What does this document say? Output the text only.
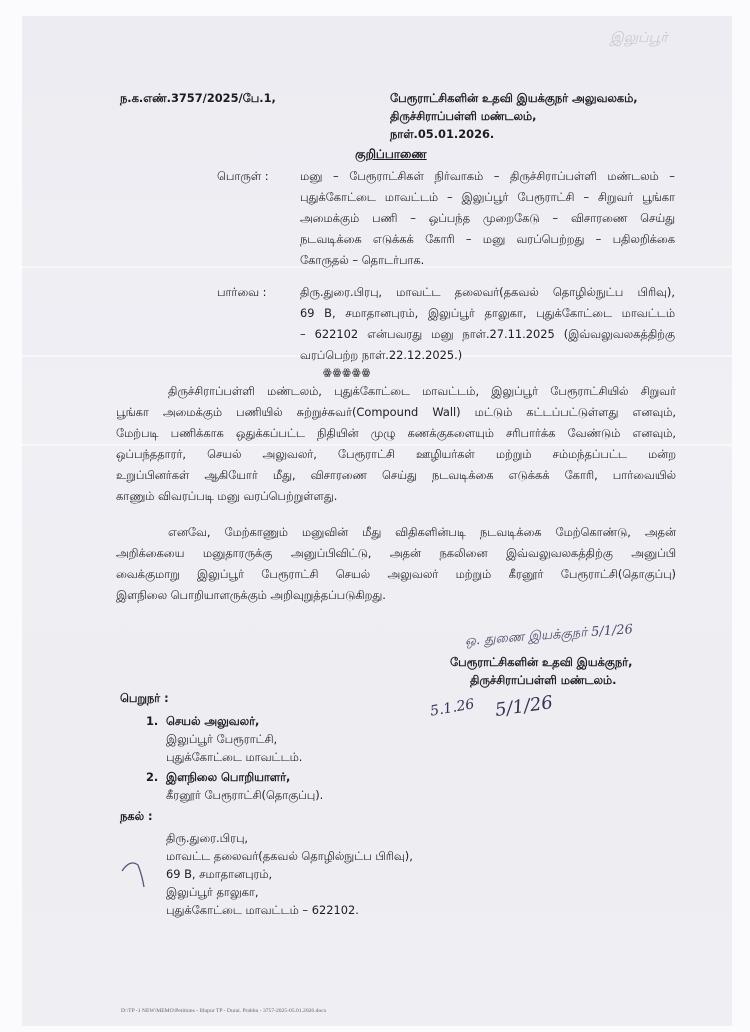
இலுப்பூர்
ந.க.எண்.3757/2025/பே.1,	பேரூராட்சிகளின் உதவி இயக்குநர் அலுவலகம்,
திருச்சிராப்பள்ளி மண்டலம்,
நாள்.05.01.2026.
குறிப்பாணை
பொருள் :	மனு – பேரூராட்சிகள் நிர்வாகம் – திருச்சிராப்பள்ளி மண்டலம் –
புதுக்கோட்டை மாவட்டம் – இலுப்பூர் பேரூராட்சி – சிறுவர் பூங்கா
அமைக்கும் பணி – ஒப்பந்த முறைகேடு – விசாரணை செய்து
நடவடிக்கை எடுக்கக் கோரி – மனு வரப்பெற்றது – பதிலறிக்கை
கோருதல் – தொடர்பாக.
பார்வை :	திரு.துரை.பிரபு, மாவட்ட தலைவர்(தகவல் தொழில்நுட்ப பிரிவு),
69 B, சமாதானபுரம், இலுப்பூர் தாலுகா, புதுக்கோட்டை மாவட்டம்
– 622102 என்பவரது மனு நாள்.27.11.2025 (இவ்வலுவலகத்திற்கு
வரப்பெற்ற நாள்.22.12.2025.)
ꙮꙮꙮꙮꙮ
திருச்சிராப்பள்ளி மண்டலம், புதுக்கோட்டை மாவட்டம், இலுப்பூர் பேரூராட்சியில் சிறுவர்
பூங்கா அமைக்கும் பணியில் சுற்றுச்சுவர்(Compound Wall) மட்டும் கட்டப்பட்டுள்ளது எனவும்,
மேற்படி பணிக்காக ஒதுக்கப்பட்ட நிதியின் முழு கணக்குகளையும் சரிபார்க்க வேண்டும் எனவும்,
ஒப்பந்ததாரர், செயல் அலுவலர், பேரூராட்சி ஊழியர்கள் மற்றும் சம்மந்தப்பட்ட மன்ற
உறுப்பினர்கள் ஆகியோர் மீது, விசாரணை செய்து நடவடிக்கை எடுக்கக் கோரி, பார்வையில்
காணும் விவரப்படி மனு வரப்பெற்றுள்ளது.
எனவே, மேற்காணும் மனுவின் மீது விதிகளின்படி நடவடிக்கை மேற்கொண்டு, அதன்
அறிக்கையை மனுதாரருக்கு அனுப்பிவிட்டு, அதன் நகலினை இவ்வலுவலகத்திற்கு அனுப்பி
வைக்குமாறு இலுப்பூர் பேரூராட்சி செயல் அலுவலர் மற்றும் கீரனூர் பேரூராட்சி(தொகுப்பு)
இளநிலை பொறியாளருக்கும் அறிவுறுத்தப்படுகிறது.
ஒ. துணை இயக்குநர் 5/1/26
பேரூராட்சிகளின் உதவி இயக்குநர்,
திருச்சிராப்பள்ளி மண்டலம்.
5.1.26 5/1/26
பெறுநர் :
1. செயல் அலுவலர்,
இலுப்பூர் பேரூராட்சி,
புதுக்கோட்டை மாவட்டம்.
2. இளநிலை பொறியாளர்,
கீரனூர் பேரூராட்சி(தொகுப்பு).
நகல் :
திரு.துரை.பிரபு,
மாவட்ட தலைவர்(தகவல் தொழில்நுட்ப பிரிவு),
69 B, சமாதானபுரம்,
இலுப்பூர் தாலுகா,
புதுக்கோட்டை மாவட்டம் – 622102.
D:\TP -1 NEW\MEMO\Petitions - Illupur TP - Durai. Prabhu - 3757-2025-05.01.2026.docx
